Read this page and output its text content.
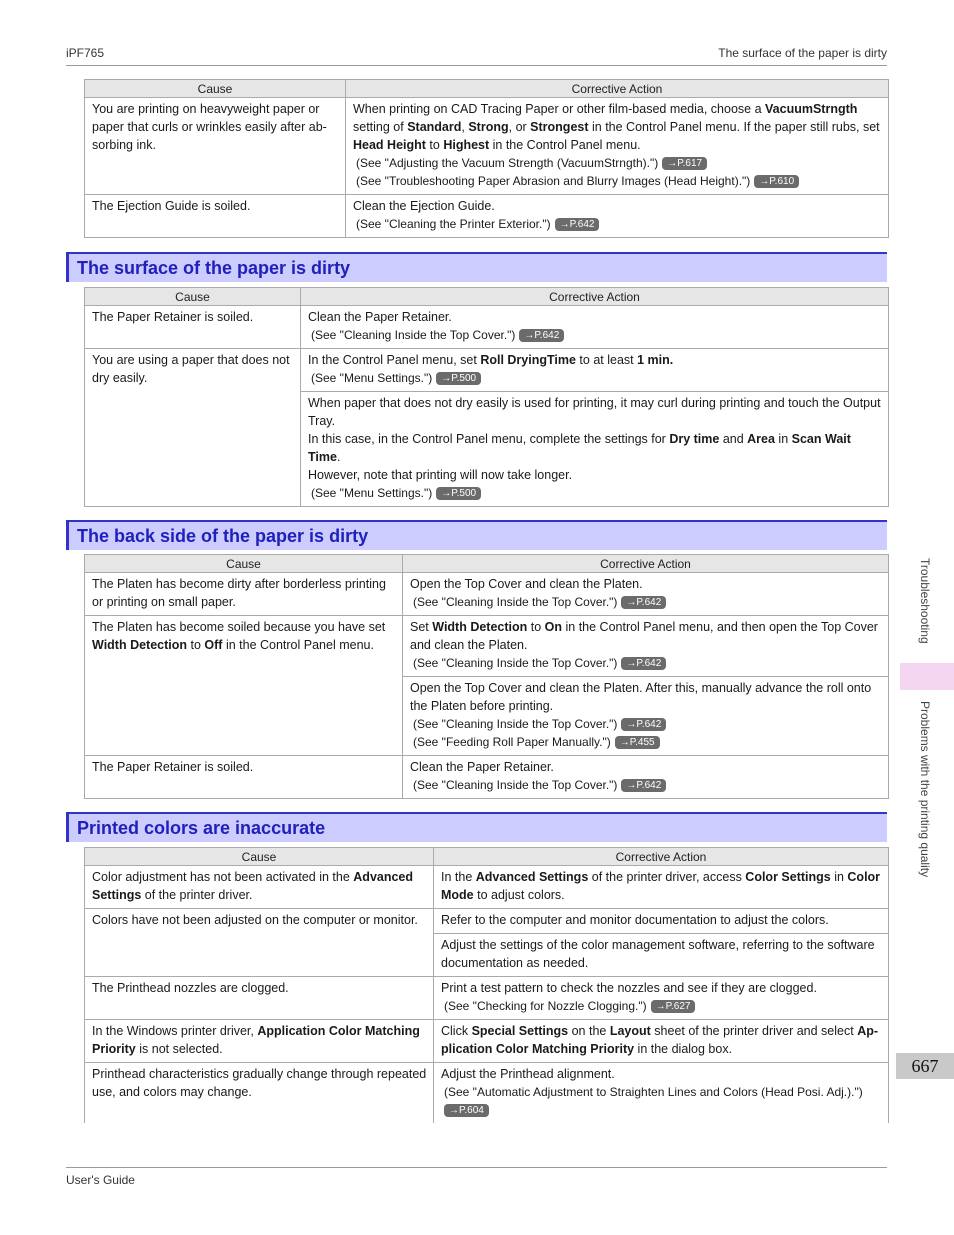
iPF765	The surface of the paper is dirty
Cause	Corrective Action
You are printing on heavyweight paper or paper that curls or wrinkles easily after ab-sorbing ink.	When printing on CAD Tracing Paper or other film-based media, choose a VacuumStrngth setting of Standard, Strong, or Strongest in the Control Panel menu. If the paper still rubs, set Head Height to Highest in the Control Panel menu.
(See "Adjusting the Vacuum Strength (VacuumStrngth).") →P.617
(See "Troubleshooting Paper Abrasion and Blurry Images (Head Height).") →P.610

The Ejection Guide is soiled.	Clean the Ejection Guide.
(See "Cleaning the Printer Exterior.") →P.642
The surface of the paper is dirty
Cause	Corrective Action
The Paper Retainer is soiled.	Clean the Paper Retainer.
(See "Cleaning Inside the Top Cover.") →P.642

You are using a paper that does not dry easily.	In the Control Panel menu, set Roll DryingTime to at least 1 min.
(See "Menu Settings.") →P.500

	When paper that does not dry easily is used for printing, it may curl during printing and touch the Output Tray.
In this case, in the Control Panel menu, complete the settings for Dry time and Area in Scan Wait Time.
However, note that printing will now take longer.
(See "Menu Settings.") →P.500
The back side of the paper is dirty
Cause	Corrective Action
The Platen has become dirty after borderless printing or printing on small paper.	Open the Top Cover and clean the Platen.
(See "Cleaning Inside the Top Cover.") →P.642

The Platen has become soiled because you have set Width Detection to Off in the Control Panel menu.	Set Width Detection to On in the Control Panel menu, and then open the Top Cover and clean the Platen.
(See "Cleaning Inside the Top Cover.") →P.642

	Open the Top Cover and clean the Platen. After this, manually advance the roll onto the Platen before printing.
(See "Cleaning Inside the Top Cover.") →P.642
(See "Feeding Roll Paper Manually.") →P.455

The Paper Retainer is soiled.	Clean the Paper Retainer.
(See "Cleaning Inside the Top Cover.") →P.642
Printed colors are inaccurate
Cause	Corrective Action
Color adjustment has not been activated in the Advanced Settings of the printer driver.	In the Advanced Settings of the printer driver, access Color Settings in Color Mode to adjust colors.
Colors have not been adjusted on the computer or monitor.	Refer to the computer and monitor documentation to adjust the colors.
	Adjust the settings of the color management software, referring to the software documentation as needed.
The Printhead nozzles are clogged.	Print a test pattern to check the nozzles and see if they are clogged.
(See "Checking for Nozzle Clogging.") →P.627

In the Windows printer driver, Application Color Matching Priority is not selected.	Click Special Settings on the Layout sheet of the printer driver and select Ap-plication Color Matching Priority in the dialog box.
Printhead characteristics gradually change through repeated use, and colors may change.	Adjust the Printhead alignment.
(See "Automatic Adjustment to Straighten Lines and Colors (Head Posi. Adj.).")
→P.604
Troubleshooting
Problems with the printing quality
667
User's Guide
